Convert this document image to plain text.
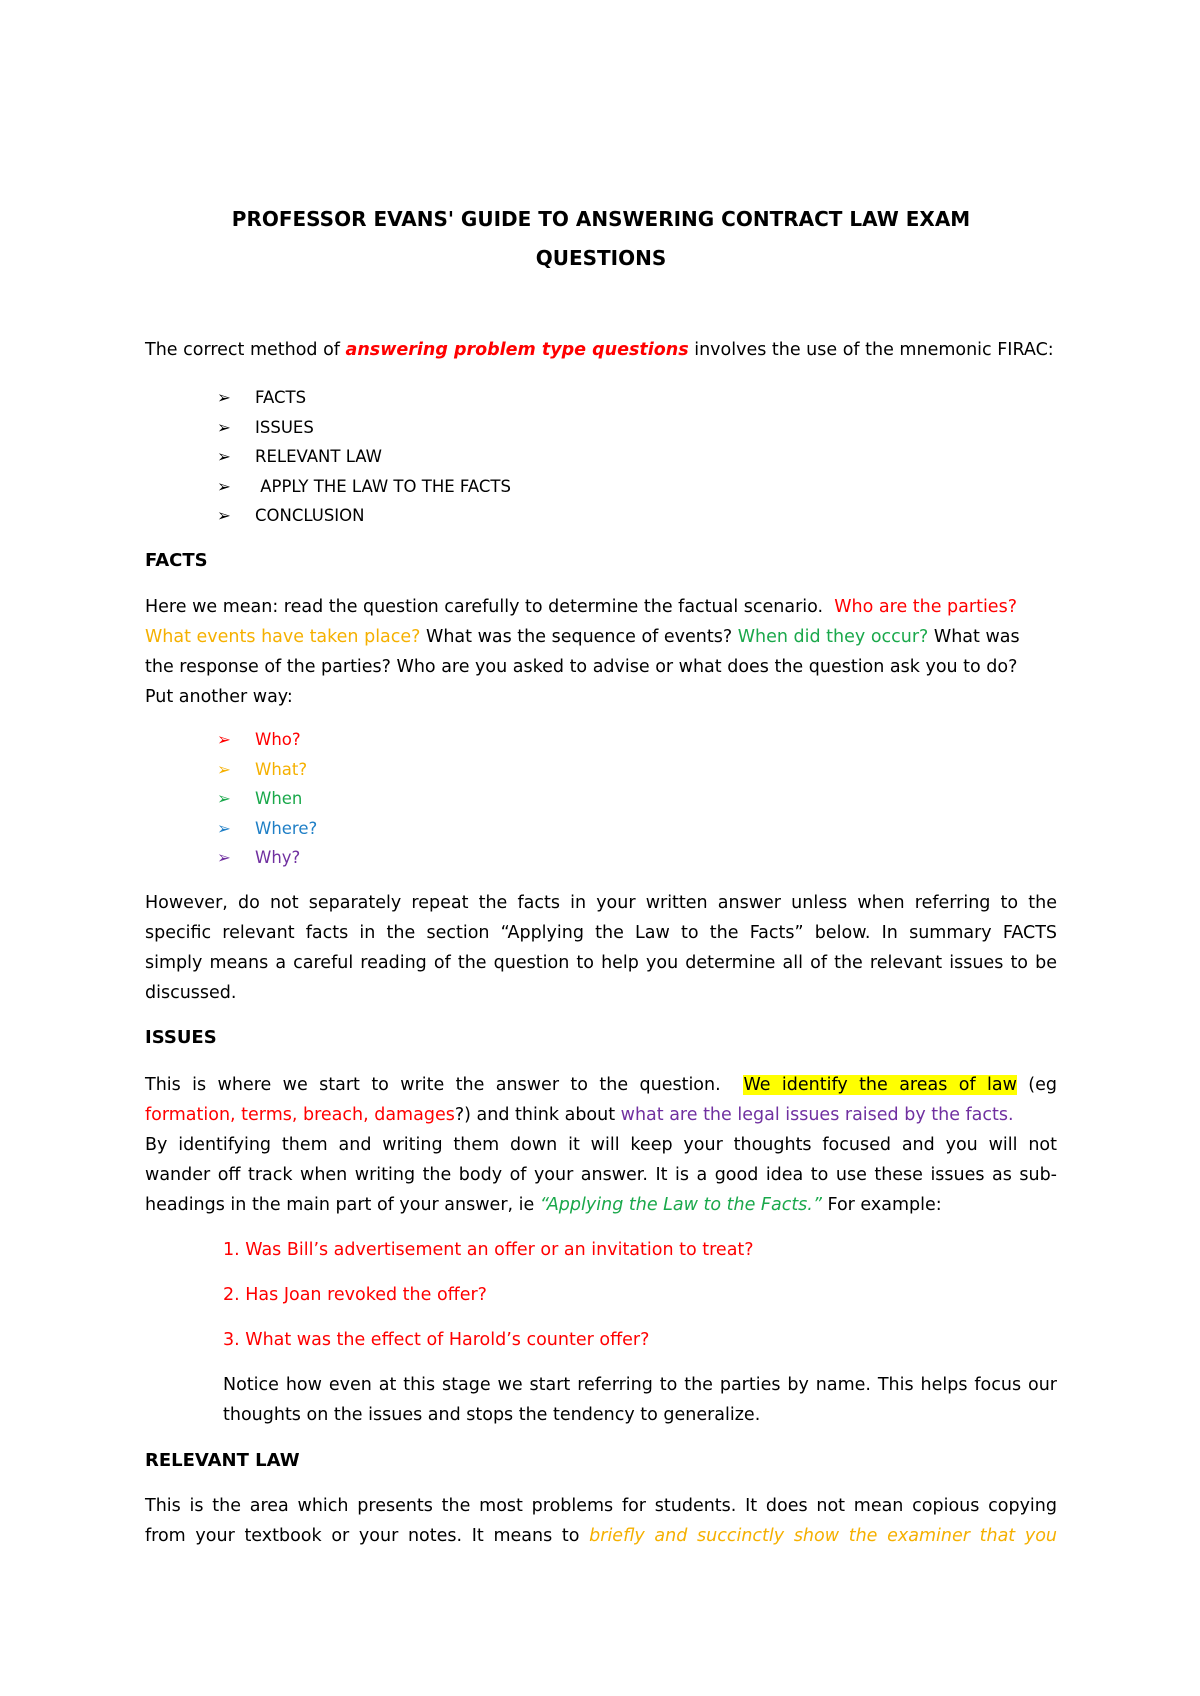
PROFESSOR EVANS' GUIDE TO ANSWERING CONTRACT LAW EXAM
QUESTIONS
The correct method of answering problem type questions involves the use of the mnemonic FIRAC:
➢ FACTS
➢ ISSUES
➢ RELEVANT LAW
➢ APPLY THE LAW TO THE FACTS
➢ CONCLUSION
FACTS
Here we mean: read the question carefully to determine the factual scenario.  Who are the parties?
What events have taken place? What was the sequence of events? When did they occur? What was
the response of the parties? Who are you asked to advise or what does the question ask you to do?
Put another way:
➢ Who?
➢ What?
➢ When
➢ Where?
➢ Why?
However, do not separately repeat the facts in your written answer unless when referring to the
specific relevant facts in the section “Applying the Law to the Facts” below. In summary FACTS
simply means a careful reading of the question to help you determine all of the relevant issues to be
discussed.
ISSUES
This is where we start to write the answer to the question.  We identify the areas of law (eg
formation, terms, breach, damages?) and think about what are the legal issues raised by the facts.
By identifying them and writing them down it will keep your thoughts focused and you will not
wander off track when writing the body of your answer. It is a good idea to use these issues as sub-
headings in the main part of your answer, ie “Applying the Law to the Facts.” For example:
1. Was Bill’s advertisement an offer or an invitation to treat?
2. Has Joan revoked the offer?
3. What was the effect of Harold’s counter offer?
Notice how even at this stage we start referring to the parties by name. This helps focus our
thoughts on the issues and stops the tendency to generalize.
RELEVANT LAW
This is the area which presents the most problems for students. It does not mean copious copying
from your textbook or your notes. It means to briefly and succinctly show the examiner that you
